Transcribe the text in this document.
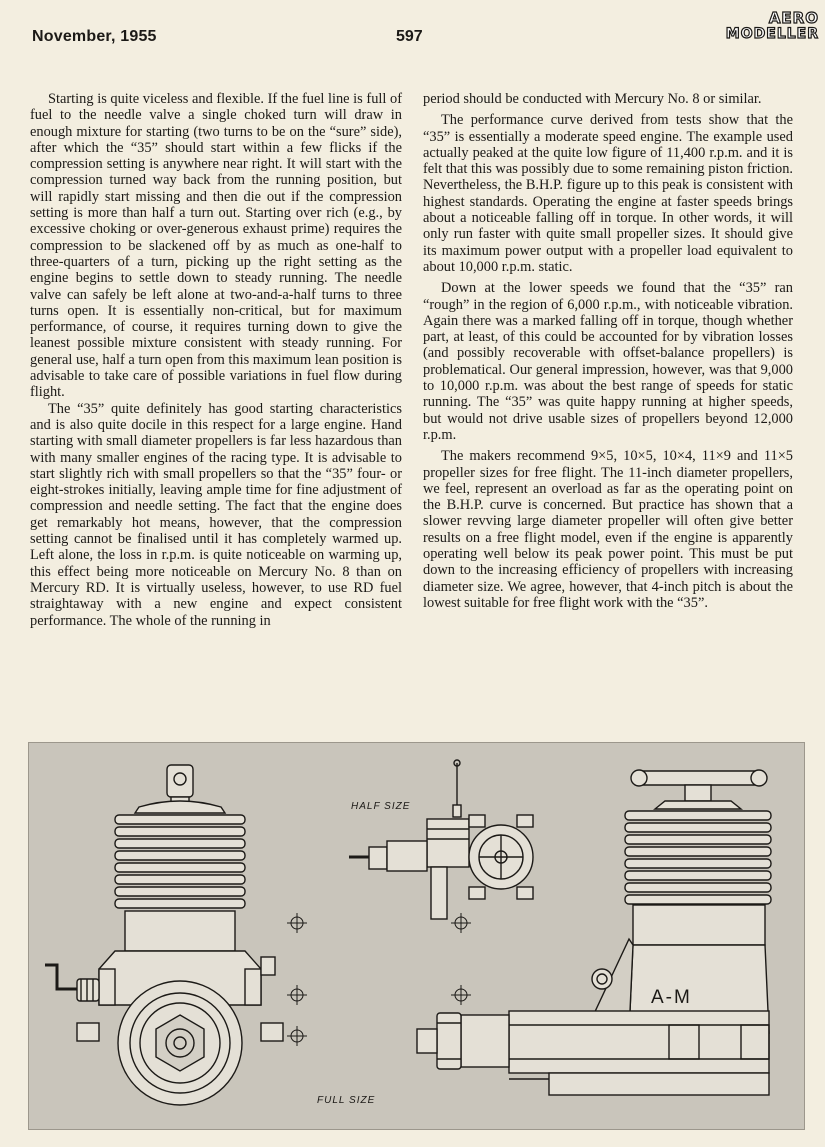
November, 1955	597
AERO
MODELLER

Starting is quite viceless and flexible. If the fuel line is full of fuel to the needle valve a single choked turn will draw in enough mixture for starting (two turns to be on the “sure” side), after which the “35” should start within a few flicks if the compression setting is anywhere near right. It will start with the compression turned way back from the running position, but will rapidly start missing and then die out if the compression setting is more than half a turn out. Starting over rich (e.g., by excessive choking or over-generous exhaust prime) requires the compression to be slackened off by as much as one-half to three-quarters of a turn, picking up the right setting as the engine begins to settle down to steady running. The needle valve can safely be left alone at two-and-a-half turns to three turns open. It is essentially non-critical, but for maximum performance, of course, it requires turning down to give the leanest possible mixture consistent with steady running. For general use, half a turn open from this maximum lean position is advisable to take care of possible variations in fuel flow during flight.

The “35” quite definitely has good starting characteristics and is also quite docile in this respect for a large engine. Hand starting with small diameter propellers is far less hazardous than with many smaller engines of the racing type. It is advisable to start slightly rich with small propellers so that the “35” four- or eight-strokes initially, leaving ample time for fine adjustment of compression and needle setting. The fact that the engine does get remarkably hot means, however, that the compression setting cannot be finalised until it has completely warmed up. Left alone, the loss in r.p.m. is quite noticeable on warming up, this effect being more noticeable on Mercury No. 8 than on Mercury RD. It is virtually useless, however, to use RD fuel straightaway with a new engine and expect consistent performance. The whole of the running in

period should be conducted with Mercury No. 8 or similar.

The performance curve derived from tests show that the “35” is essentially a moderate speed engine. The example used actually peaked at the quite low figure of 11,400 r.p.m. and it is felt that this was possibly due to some remaining piston friction. Nevertheless, the B.H.P. figure up to this peak is consistent with highest standards. Operating the engine at faster speeds brings about a noticeable falling off in torque. In other words, it will only run faster with quite small propeller sizes. It should give its maximum power output with a propeller load equivalent to about 10,000 r.p.m. static.

Down at the lower speeds we found that the “35” ran “rough” in the region of 6,000 r.p.m., with noticeable vibration. Again there was a marked falling off in torque, though whether part, at least, of this could be accounted for by vibration losses (and possibly recoverable with offset-balance propellers) is problematical. Our general impression, however, was that 9,000 to 10,000 r.p.m. was about the best range of speeds for static running. The “35” was quite happy running at higher speeds, but would not drive usable sizes of propellers beyond 12,000 r.p.m.

The makers recommend 9×5, 10×5, 10×4, 11×9 and 11×5 propeller sizes for free flight. The 11-inch diameter propellers, we feel, represent an overload as far as the operating point on the B.H.P. curve is concerned. But practice has shown that a slower revving large diameter propeller will often give better results on a free flight model, even if the engine is apparently operating well below its peak power point. This must be put down to the increasing efficiency of propellers with increasing diameter size. We agree, however, that 4-inch pitch is about the lowest suitable for free flight work with the “35”.

HALF SIZE
FULL SIZE
A-M
